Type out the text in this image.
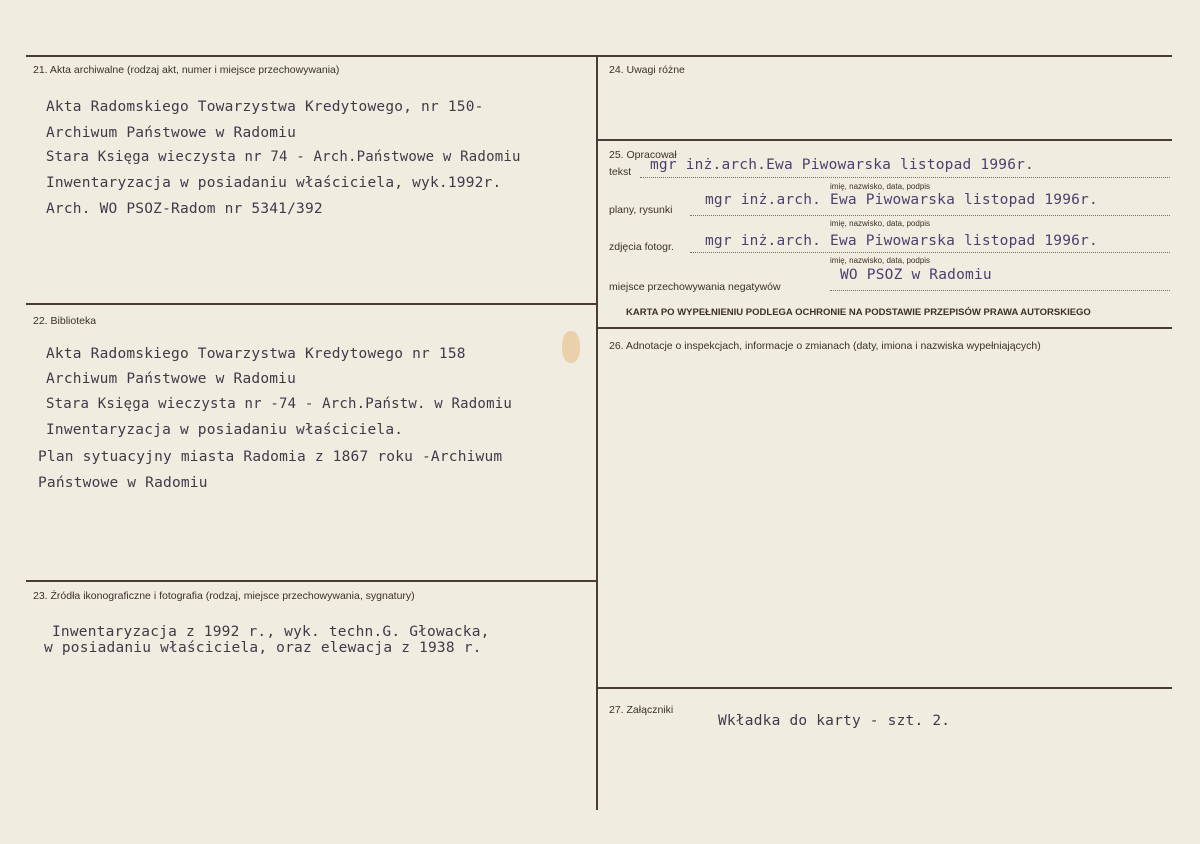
21. Akta archiwalne (rodzaj akt, numer i miejsce przechowywania)
Akta Radomskiego Towarzystwa Kredytowego, nr 150-
Archiwum Państwowe w Radomiu
Stara Księga wieczysta nr 74 - Arch.Państwowe w Radomiu
Inwentaryzacja w posiadaniu właściciela, wyk.1992r.
Arch. WO PSOZ-Radom nr 5341/392
22. Biblioteka
Akta Radomskiego Towarzystwa Kredytowego nr 158
Archiwum Państwowe w Radomiu
Stara Księga wieczysta nr -74 - Arch.Państw. w Radomiu
Inwentaryzacja w posiadaniu właściciela.
Plan sytuacyjny miasta Radomia z 1867 roku -Archiwum
Państwowe w Radomiu
23. Źródła ikonograficzne i fotografia (rodzaj, miejsce przechowywania, sygnatury)
Inwentaryzacja z 1992 r., wyk. techn.G. Głowacka,
w posiadaniu właściciela, oraz elewacja z 1938 r.
24. Uwagi różne
25. Opracował
tekst mgr inż.arch.Ewa Piwowarska listopad 1996r.
imię, nazwisko, data, podpis
plany, rysunki
mgr inż.arch. Ewa Piwowarska listopad 1996r.
imię, nazwisko, data, podpis
zdjęcia fotogr. mgr inż.arch. Ewa Piwowarska listopad 1996r.
imię, nazwisko, data, podpis
miejsce przechowywania negatywów
WO PSOZ w Radomiu
KARTA PO WYPEŁNIENIU PODLEGA OCHRONIE NA PODSTAWIE PRZEPISÓW PRAWA AUTORSKIEGO
26. Adnotacje o inspekcjach, informacje o zmianach (daty, imiona i nazwiska wypełniających)
27. Załączniki
Wkładka do karty - szt. 2.
